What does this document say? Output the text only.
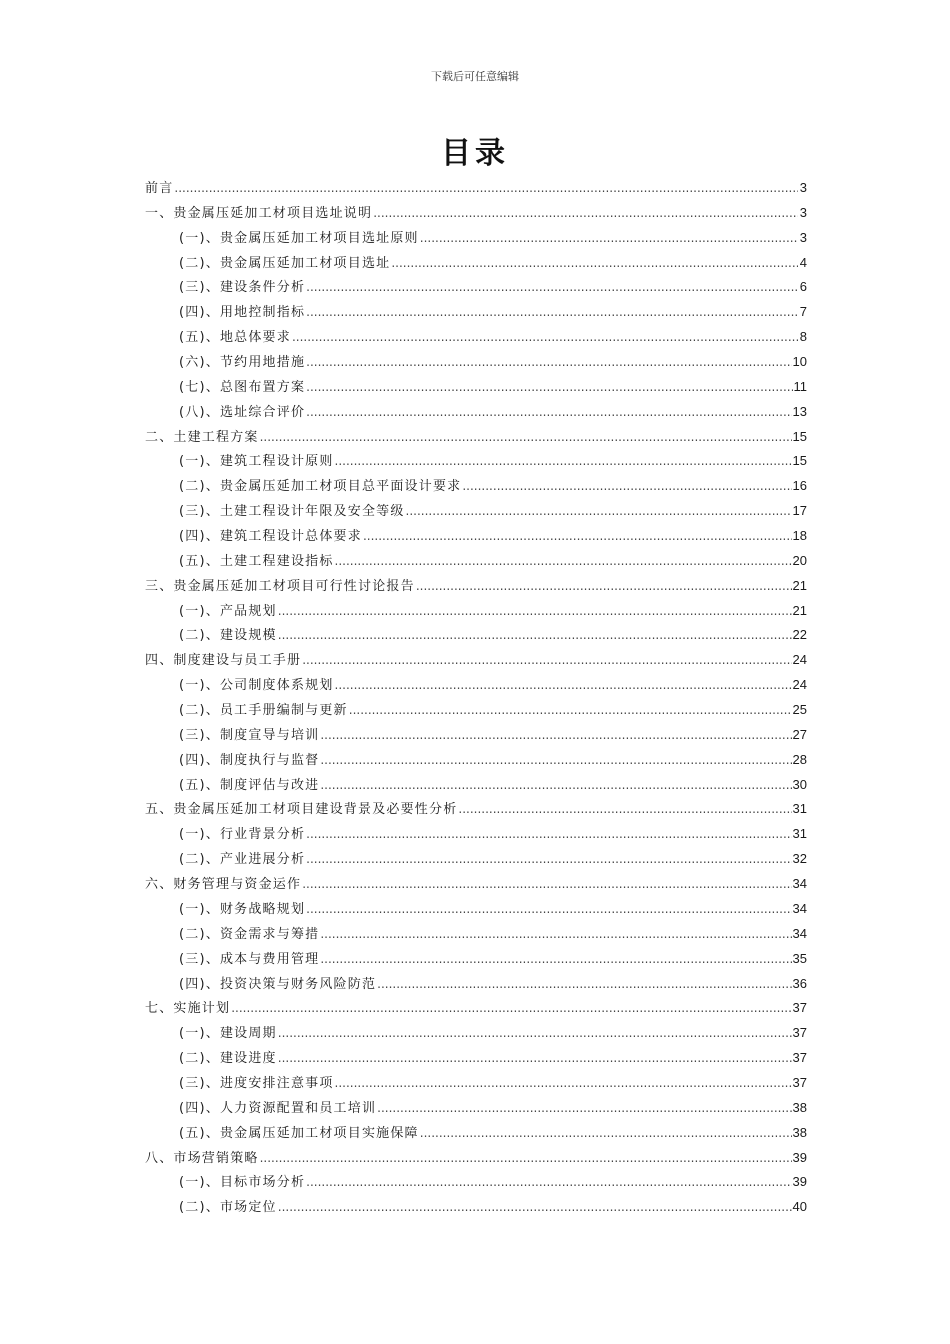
下载后可任意编辑
目录
前言 .....	3
一、贵金属压延加工材项目选址说明 .....	3
(一)、贵金属压延加工材项目选址原则 .....	3
(二)、贵金属压延加工材项目选址 .....	4
(三)、建设条件分析 .....	6
(四)、用地控制指标 .....	7
(五)、地总体要求 .....	8
(六)、节约用地措施 .....	10
(七)、总图布置方案 .....	11
(八)、选址综合评价 .....	13
二、土建工程方案 .....	15
(一)、建筑工程设计原则 .....	15
(二)、贵金属压延加工材项目总平面设计要求 .....	16
(三)、土建工程设计年限及安全等级 .....	17
(四)、建筑工程设计总体要求 .....	18
(五)、土建工程建设指标 .....	20
三、贵金属压延加工材项目可行性讨论报告 .....	21
(一)、产品规划 .....	21
(二)、建设规模 .....	22
四、制度建设与员工手册 .....	24
(一)、公司制度体系规划 .....	24
(二)、员工手册编制与更新 .....	25
(三)、制度宣导与培训 .....	27
(四)、制度执行与监督 .....	28
(五)、制度评估与改进 .....	30
五、贵金属压延加工材项目建设背景及必要性分析 .....	31
(一)、行业背景分析 .....	31
(二)、产业进展分析 .....	32
六、财务管理与资金运作 .....	34
(一)、财务战略规划 .....	34
(二)、资金需求与筹措 .....	34
(三)、成本与费用管理 .....	35
(四)、投资决策与财务风险防范 .....	36
七、实施计划 .....	37
(一)、建设周期 .....	37
(二)、建设进度 .....	37
(三)、进度安排注意事项 .....	37
(四)、人力资源配置和员工培训 .....	38
(五)、贵金属压延加工材项目实施保障 .....	38
八、市场营销策略 .....	39
(一)、目标市场分析 .....	39
(二)、市场定位 .....	40
